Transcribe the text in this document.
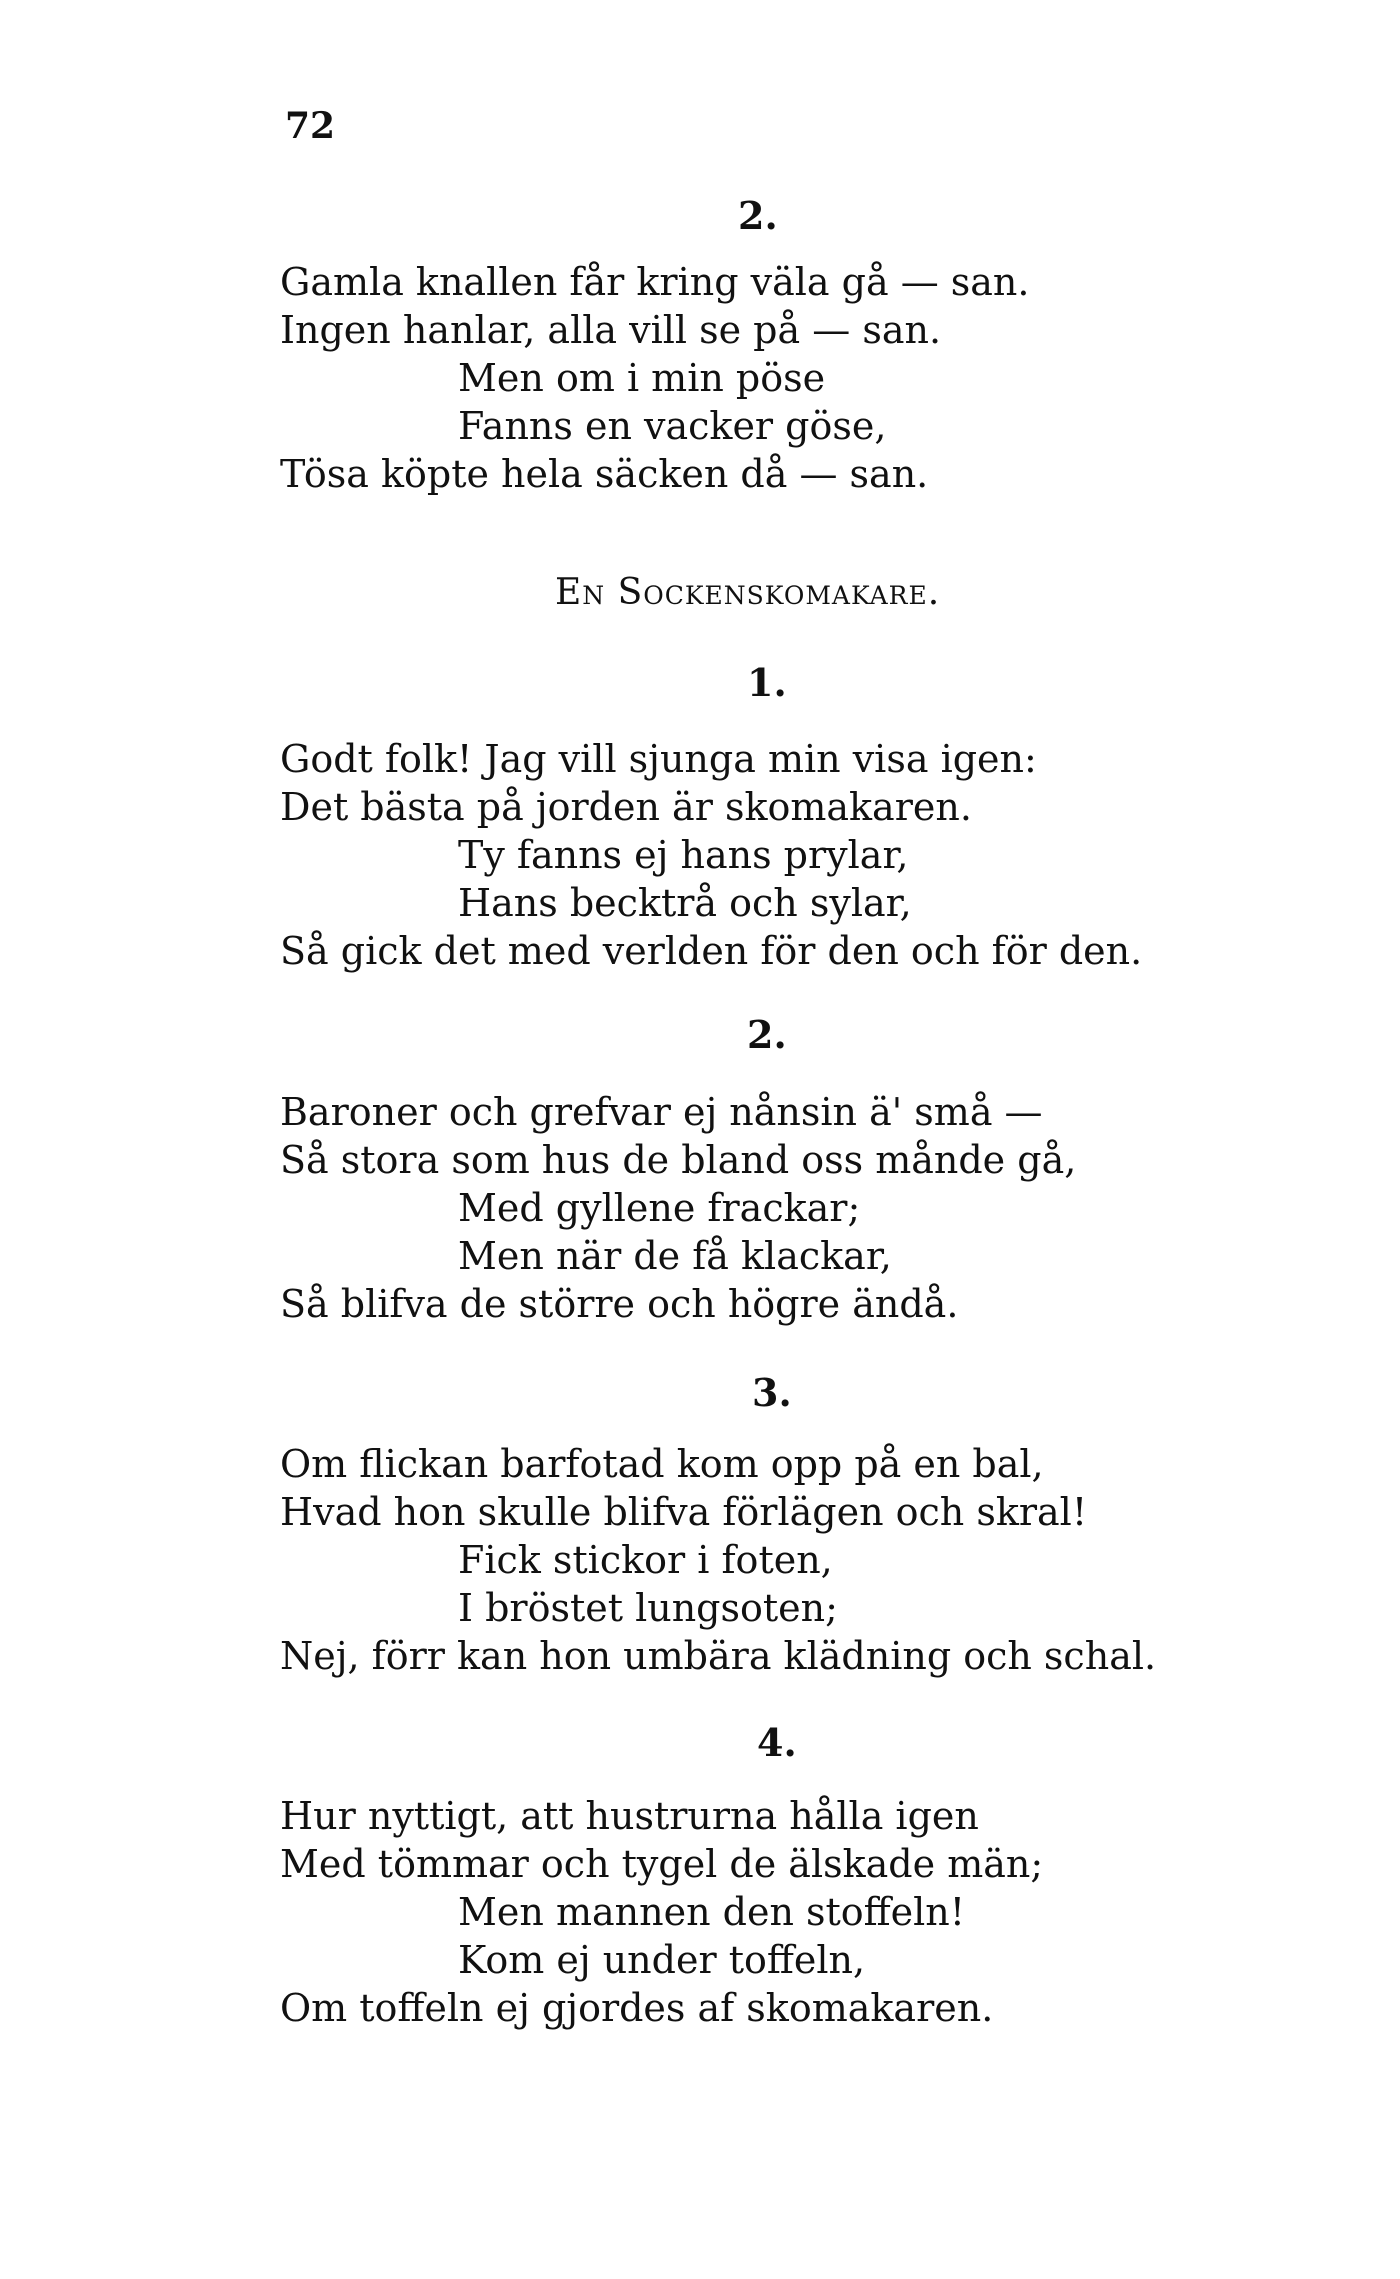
72
2.
Gamla knallen får kring väla gå — san.
Ingen hanlar, alla vill se på — san.
Men om i min pöse
Fanns en vacker göse,
Tösa köpte hela säcken då — san.
En Sockenskomakare.
1.
Godt folk! Jag vill sjunga min visa igen:
Det bästa på jorden är skomakaren.
Ty fanns ej hans prylar,
Hans becktrå och sylar,
Så gick det med verlden för den och för den.
2.
Baroner och grefvar ej nånsin ä' små —
Så stora som hus de bland oss månde gå,
Med gyllene frackar;
Men när de få klackar,
Så blifva de större och högre ändå.
3.
Om flickan barfotad kom opp på en bal,
Hvad hon skulle blifva förlägen och skral!
Fick stickor i foten,
I bröstet lungsoten;
Nej, förr kan hon umbära klädning och schal.
4.
Hur nyttigt, att hustrurna hålla igen
Med tömmar och tygel de älskade män;
Men mannen den stoffeln!
Kom ej under toffeln,
Om toffeln ej gjordes af skomakaren.
